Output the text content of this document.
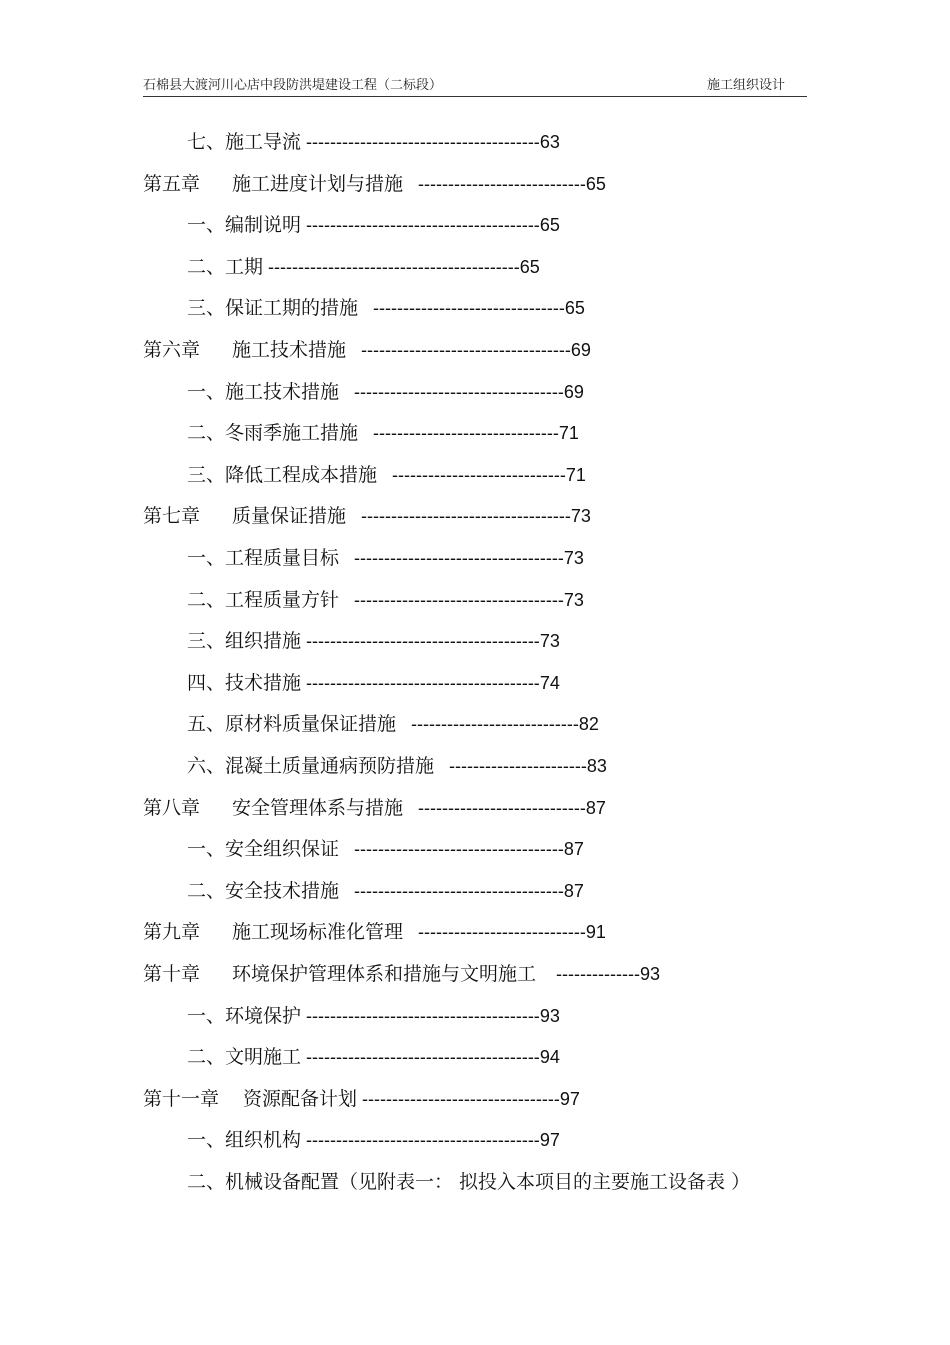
石棉县大渡河川心店中段防洪堤建设工程（二标段）	施工组织设计
七、施工导流 ---------------------------------------63
第五章 施工进度计划与措施   ----------------------------65
一、编制说明 ---------------------------------------65
二、工期 ------------------------------------------65
三、保证工期的措施   --------------------------------65
第六章 施工技术措施   -----------------------------------69
一、施工技术措施   -----------------------------------69
二、冬雨季施工措施   -------------------------------71
三、降低工程成本措施   -----------------------------71
第七章 质量保证措施   -----------------------------------73
一、工程质量目标   -----------------------------------73
二、工程质量方针   -----------------------------------73
三、组织措施 ---------------------------------------73
四、技术措施 ---------------------------------------74
五、原材料质量保证措施   ----------------------------82
六、混凝土质量通病预防措施   -----------------------83
第八章 安全管理体系与措施   ----------------------------87
一、安全组织保证   -----------------------------------87
二、安全技术措施   -----------------------------------87
第九章 施工现场标准化管理   ----------------------------91
第十章 环境保护管理体系和措施与文明施工    --------------93
一、环境保护 ---------------------------------------93
二、文明施工 ---------------------------------------94
第十一章 资源配备计划 ---------------------------------97
一、组织机构 ---------------------------------------97
二、机械设备配置（见附表一： 拟投入本项目的主要施工设备表 ）
